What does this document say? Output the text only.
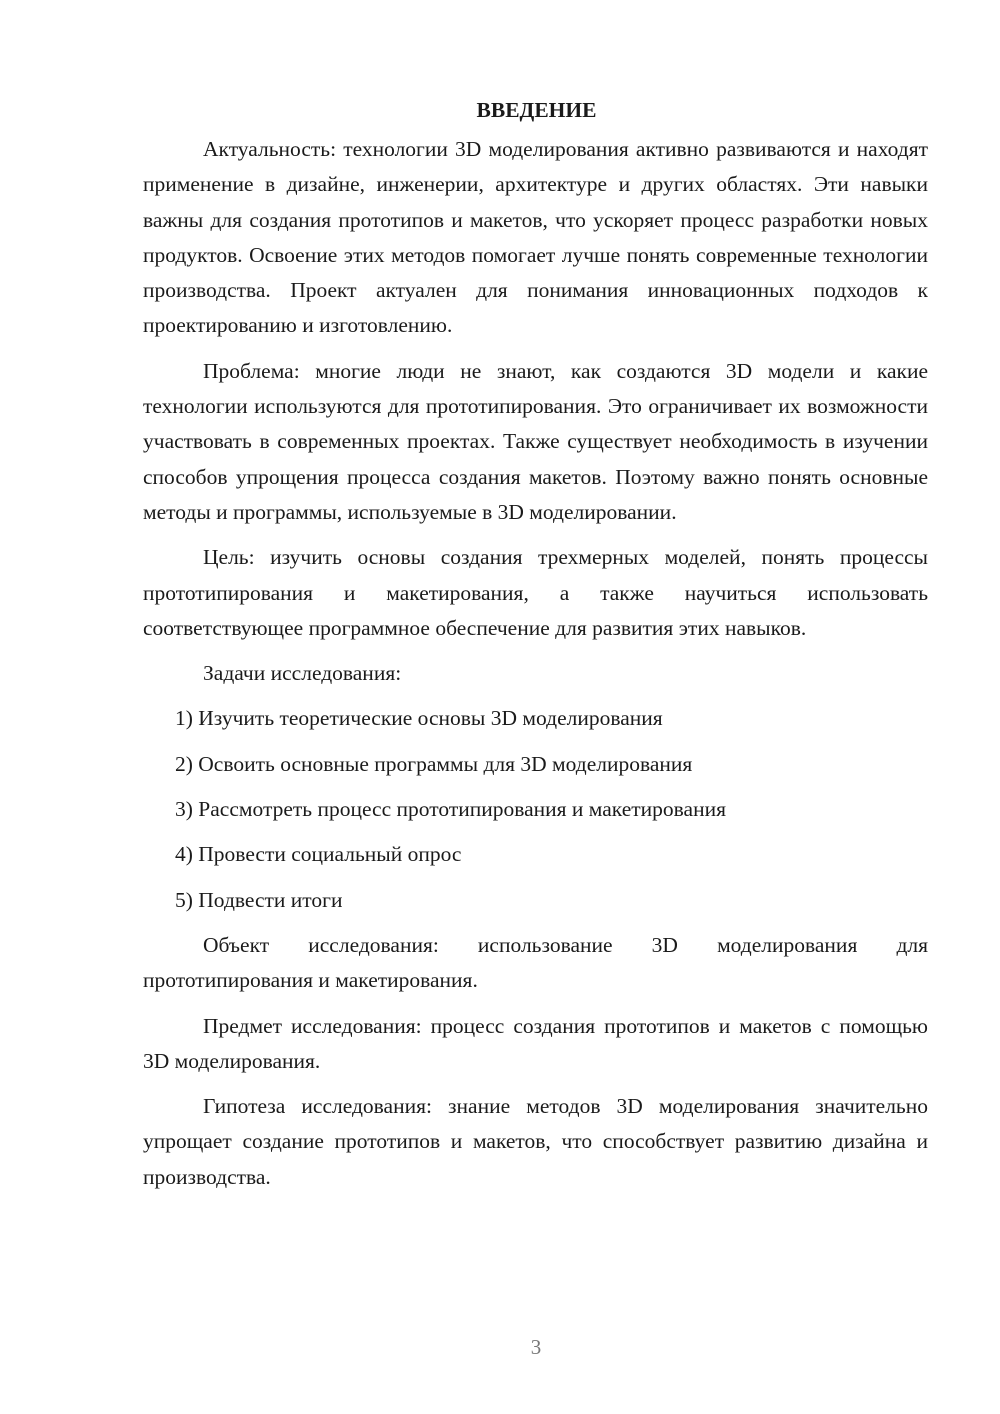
ВВЕДЕНИЕ

Актуальность: технологии 3D моделирования активно развиваются и находят применение в дизайне, инженерии, архитектуре и других областях. Эти навыки важны для создания прототипов и макетов, что ускоряет процесс разработки новых продуктов. Освоение этих методов помогает лучше понять современные технологии производства. Проект актуален для понимания инновационных подходов к проектированию и изготовлению.

Проблема: многие люди не знают, как создаются 3D модели и какие технологии используются для прототипирования. Это ограничивает их возможности участвовать в современных проектах. Также существует необходимость в изучении способов упрощения процесса создания макетов. Поэтому важно понять основные методы и программы, используемые в 3D моделировании.

Цель: изучить основы создания трехмерных моделей, понять процессы прототипирования и макетирования, а также научиться использовать соответствующее программное обеспечение для развития этих навыков.

Задачи исследования:

1) Изучить теоретические основы 3D моделирования

2) Освоить основные программы для 3D моделирования

3) Рассмотреть процесс прототипирования и макетирования

4) Провести социальный опрос

5) Подвести итоги

Объект исследования: использование 3D моделирования для прототипирования и макетирования.

Предмет исследования: процесс создания прототипов и макетов с помощью 3D моделирования.

Гипотеза исследования: знание методов 3D моделирования значительно упрощает создание прототипов и макетов, что способствует развитию дизайна и производства.

3
